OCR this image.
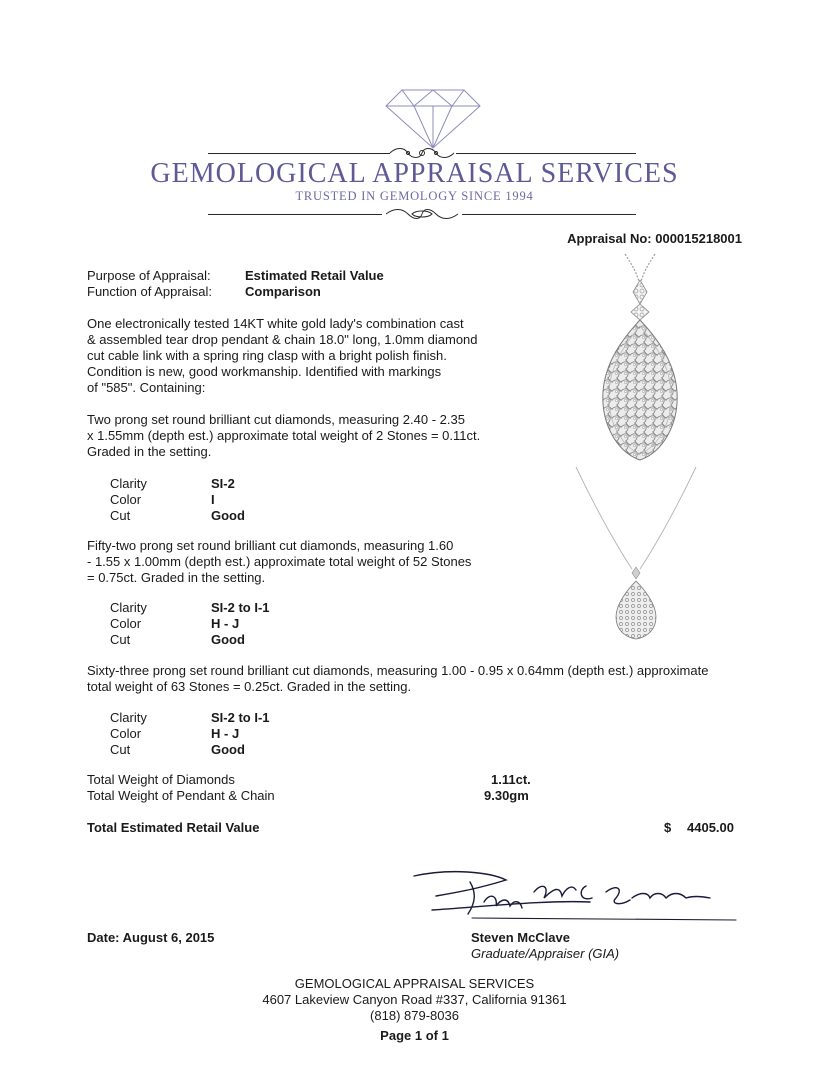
GEMOLOGICAL APPRAISAL SERVICES
TRUSTED IN GEMOLOGY SINCE 1994
Appraisal No: 000015218001
Purpose of Appraisal:	Estimated Retail Value
Function of Appraisal:	Comparison
One electronically tested 14KT white gold lady's combination cast
& assembled tear drop pendant & chain 18.0" long, 1.0mm diamond
cut cable link with a spring ring clasp with a bright polish finish.
Condition is new, good workmanship. Identified with markings
of "585". Containing:
Two prong set round brilliant cut diamonds, measuring 2.40 - 2.35
x 1.55mm (depth est.) approximate total weight of 2 Stones = 0.11ct.
Graded in the setting.
Clarity	SI-2
Color	I
Cut	Good
Fifty-two prong set round brilliant cut diamonds, measuring 1.60
- 1.55 x 1.00mm (depth est.) approximate total weight of 52 Stones
= 0.75ct. Graded in the setting.
Clarity	SI-2 to I-1
Color	H - J
Cut	Good
Sixty-three prong set round brilliant cut diamonds, measuring 1.00 - 0.95 x 0.64mm (depth est.) approximate
total weight of 63 Stones = 0.25ct. Graded in the setting.
Clarity	SI-2 to I-1
Color	H - J
Cut	Good
Total Weight of Diamonds	1.11ct.
Total Weight of Pendant & Chain	9.30gm
Total Estimated Retail Value	$ 4405.00
Date: August 6, 2015	Steven McClave
Graduate/Appraiser (GIA)
GEMOLOGICAL APPRAISAL SERVICES
4607 Lakeview Canyon Road #337, California 91361
(818) 879-8036
Page 1 of 1
